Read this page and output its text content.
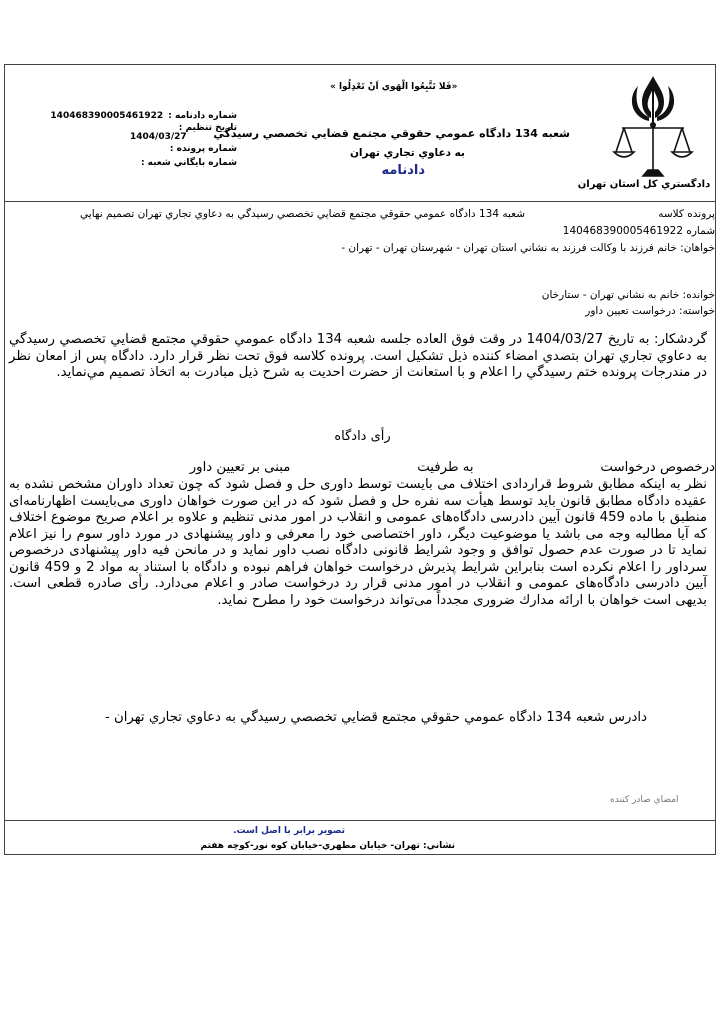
دادگستري كل استان تهران
«فَلا تَتَّبِعُوا الْهَوي اَنْ تَعْدِلُوا »
شعبه 134 دادگاه عمومي حقوقي مجتمع قضايي تخصصي رسيدگي
به دعاوي تجاري تهران
دادنامه
شماره دادنامه : 140468390005461922
تاريخ تنظيم :
1404/03/27
شماره پرونده :
شماره بايگاني شعبه :
پرونده كلاسه
شعبه 134 دادگاه عمومي حقوقي مجتمع قضايي تخصصي رسيدگي به دعاوي تجاري تهران تصميم نهايي
شماره 140468390005461922
خواهان: خانم فرزند با وكالت فرزند به نشاني استان تهران - شهرستان تهران - تهران -
خوانده: خانم به نشاني تهران - ستارخان
خواسته: درخواست تعيين داور
گردشكار: به تاريخ 1404/03/27 در وقت فوق العاده جلسه شعبه 134 دادگاه عمومي حقوقي مجتمع قضايي تخصصي رسيدگي به دعاوي تجاري تهران بتصدي امضاء كننده ذيل تشكيل است. پرونده كلاسه فوق تحت نظر قرار دارد. دادگاه پس از امعان نظر در مندرجات پرونده ختم رسيدگي را اعلام و با استعانت از حضرت احديت به شرح ذيل مبادرت به اتخاذ تصميم مي‌نمايد.
رأی دادگاه
درخصوص درخواست                              به طرفيت                              مبنی بر تعيين داور
نظر به اينكه مطابق شروط قراردادی اختلاف می بايست توسط داوری حل و فصل شود كه چون تعداد داوران مشخص نشده به عقيده دادگاه مطابق قانون بايد توسط هيأت سه نفره حل و فصل شود كه در اين صورت خواهان داوری می‌بايست اظهارنامه‌ای منطبق با ماده 459 قانون آيين دادرسی دادگاه‌های عمومی و انقلاب در امور مدنی تنظيم و علاوه بر اعلام صريح موضوع اختلاف كه آيا مطالبه وجه می باشد يا موضوعيت ديگر، داور اختصاصی خود را معرفی و داور پيشنهادی در مورد داور سوم را نيز اعلام نمايد تا در صورت عدم حصول توافق و وجود شرايط قانونی دادگاه نصب داور نمايد و در مانحن فيه داور پيشنهادی درخصوص سرداور را اعلام نكرده است بنابراين شرايط پذيرش درخواست خواهان فراهم نبوده و دادگاه با استناد به مواد 2 و 459 قانون آيين دادرسی دادگاه‌های عمومی و انقلاب در امور مدنی قرار رد درخواست صادر و اعلام می‌دارد. رأی صادره قطعی است. بديهی است خواهان با ارائه مدارك ضروری مجدداً می‌تواند درخواست خود را مطرح نمايد.
دادرس شعبه 134 دادگاه عمومي حقوقي مجتمع قضايي تخصصي رسيدگي به دعاوي تجاري تهران -
امضاي صادر كننده
تصوير برابر با اصل است.
نشاني: تهران- خيابان مطهري-خيابان كوه نور-كوچه هفتم
